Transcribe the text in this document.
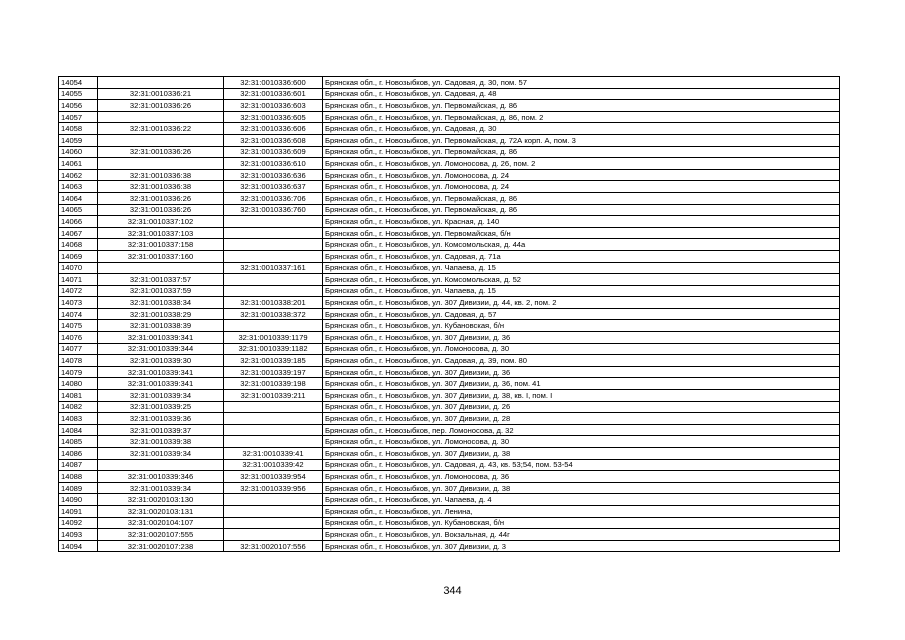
14054		32:31:0010336:600	Брянская обл., г. Новозыбков, ул. Садовая, д. 30, пом. 57
14055	32:31:0010336:21	32:31:0010336:601	Брянская обл., г. Новозыбков, ул. Садовая, д. 48
14056	32:31:0010336:26	32:31:0010336:603	Брянская обл., г. Новозыбков, ул. Первомайская, д. 86
14057		32:31:0010336:605	Брянская обл., г. Новозыбков, ул. Первомайская, д. 86, пом. 2
14058	32:31:0010336:22	32:31:0010336:606	Брянская обл., г. Новозыбков, ул. Садовая, д. 30
14059		32:31:0010336:608	Брянская обл., г. Новозыбков, ул. Первомайская, д. 72А корп. А, пом. 3
14060	32:31:0010336:26	32:31:0010336:609	Брянская обл., г. Новозыбков, ул. Первомайская, д. 86
14061		32:31:0010336:610	Брянская обл., г. Новозыбков, ул. Ломоносова, д. 26, пом. 2
14062	32:31:0010336:38	32:31:0010336:636	Брянская обл., г. Новозыбков, ул. Ломоносова, д. 24
14063	32:31:0010336:38	32:31:0010336:637	Брянская обл., г. Новозыбков, ул. Ломоносова, д. 24
14064	32:31:0010336:26	32:31:0010336:706	Брянская обл., г. Новозыбков, ул. Первомайская, д. 86
14065	32:31:0010336:26	32:31:0010336:760	Брянская обл., г. Новозыбков, ул. Первомайская, д. 86
14066	32:31:0010337:102		Брянская обл., г. Новозыбков, ул. Красная, д. 140
14067	32:31:0010337:103		Брянская обл., г. Новозыбков, ул. Первомайская, б/н
14068	32:31:0010337:158		Брянская обл., г. Новозыбков, ул. Комсомольская, д. 44а
14069	32:31:0010337:160		Брянская обл., г. Новозыбков, ул. Садовая, д. 71а
14070		32:31:0010337:161	Брянская обл., г. Новозыбков, ул. Чапаева, д. 15
14071	32:31:0010337:57		Брянская обл., г. Новозыбков, ул. Комсомольская, д. 52
14072	32:31:0010337:59		Брянская обл., г. Новозыбков, ул. Чапаева, д. 15
14073	32:31:0010338:34	32:31:0010338:201	Брянская обл., г. Новозыбков, ул. 307 Дивизии, д. 44, кв. 2, пом. 2
14074	32:31:0010338:29	32:31:0010338:372	Брянская обл., г. Новозыбков, ул. Садовая, д. 57
14075	32:31:0010338:39		Брянская обл., г. Новозыбков, ул. Кубановская, б/н
14076	32:31:0010339:341	32:31:0010339:1179	Брянская обл., г. Новозыбков, ул. 307 Дивизии, д. 36
14077	32:31:0010339:344	32:31:0010339:1182	Брянская обл., г. Новозыбков, ул. Ломоносова, д. 30
14078	32:31:0010339:30	32:31:0010339:185	Брянская обл., г. Новозыбков, ул. Садовая, д. 39, пом. 80
14079	32:31:0010339:341	32:31:0010339:197	Брянская обл., г. Новозыбков, ул. 307 Дивизии, д. 36
14080	32:31:0010339:341	32:31:0010339:198	Брянская обл., г. Новозыбков, ул. 307 Дивизии, д. 36, пом. 41
14081	32:31:0010339:34	32:31:0010339:211	Брянская обл., г. Новозыбков, ул. 307 Дивизии, д. 38, кв. I, пом. I
14082	32:31:0010339:25		Брянская обл., г. Новозыбков, ул. 307 Дивизии, д. 26
14083	32:31:0010339:36		Брянская обл., г. Новозыбков, ул. 307 Дивизии, д. 28
14084	32:31:0010339:37		Брянская обл., г. Новозыбков, пер. Ломоносова, д. 32
14085	32:31:0010339:38		Брянская обл., г. Новозыбков, ул. Ломоносова, д. 30
14086	32:31:0010339:34	32:31:0010339:41	Брянская обл., г. Новозыбков, ул. 307 Дивизии, д. 38
14087		32:31:0010339:42	Брянская обл., г. Новозыбков, ул. Садовая, д. 43, кв. 53;54, пом. 53-54
14088	32:31:0010339:346	32:31:0010339:954	Брянская обл., г. Новозыбков, ул. Ломоносова, д. 36
14089	32:31:0010339:34	32:31:0010339:956	Брянская обл., г. Новозыбков, ул. 307 Дивизии, д. 38
14090	32:31:0020103:130		Брянская обл., г. Новозыбков, ул. Чапаева, д. 4
14091	32:31:0020103:131		Брянская обл., г. Новозыбков, ул. Ленина,
14092	32:31:0020104:107		Брянская обл., г. Новозыбков, ул. Кубановская, б/н
14093	32:31:0020107:555		Брянская обл., г. Новозыбков, ул. Вокзальная, д. 44г
14094	32:31:0020107:238	32:31:0020107:556	Брянская обл., г. Новозыбков, ул. 307 Дивизии, д. 3
344
